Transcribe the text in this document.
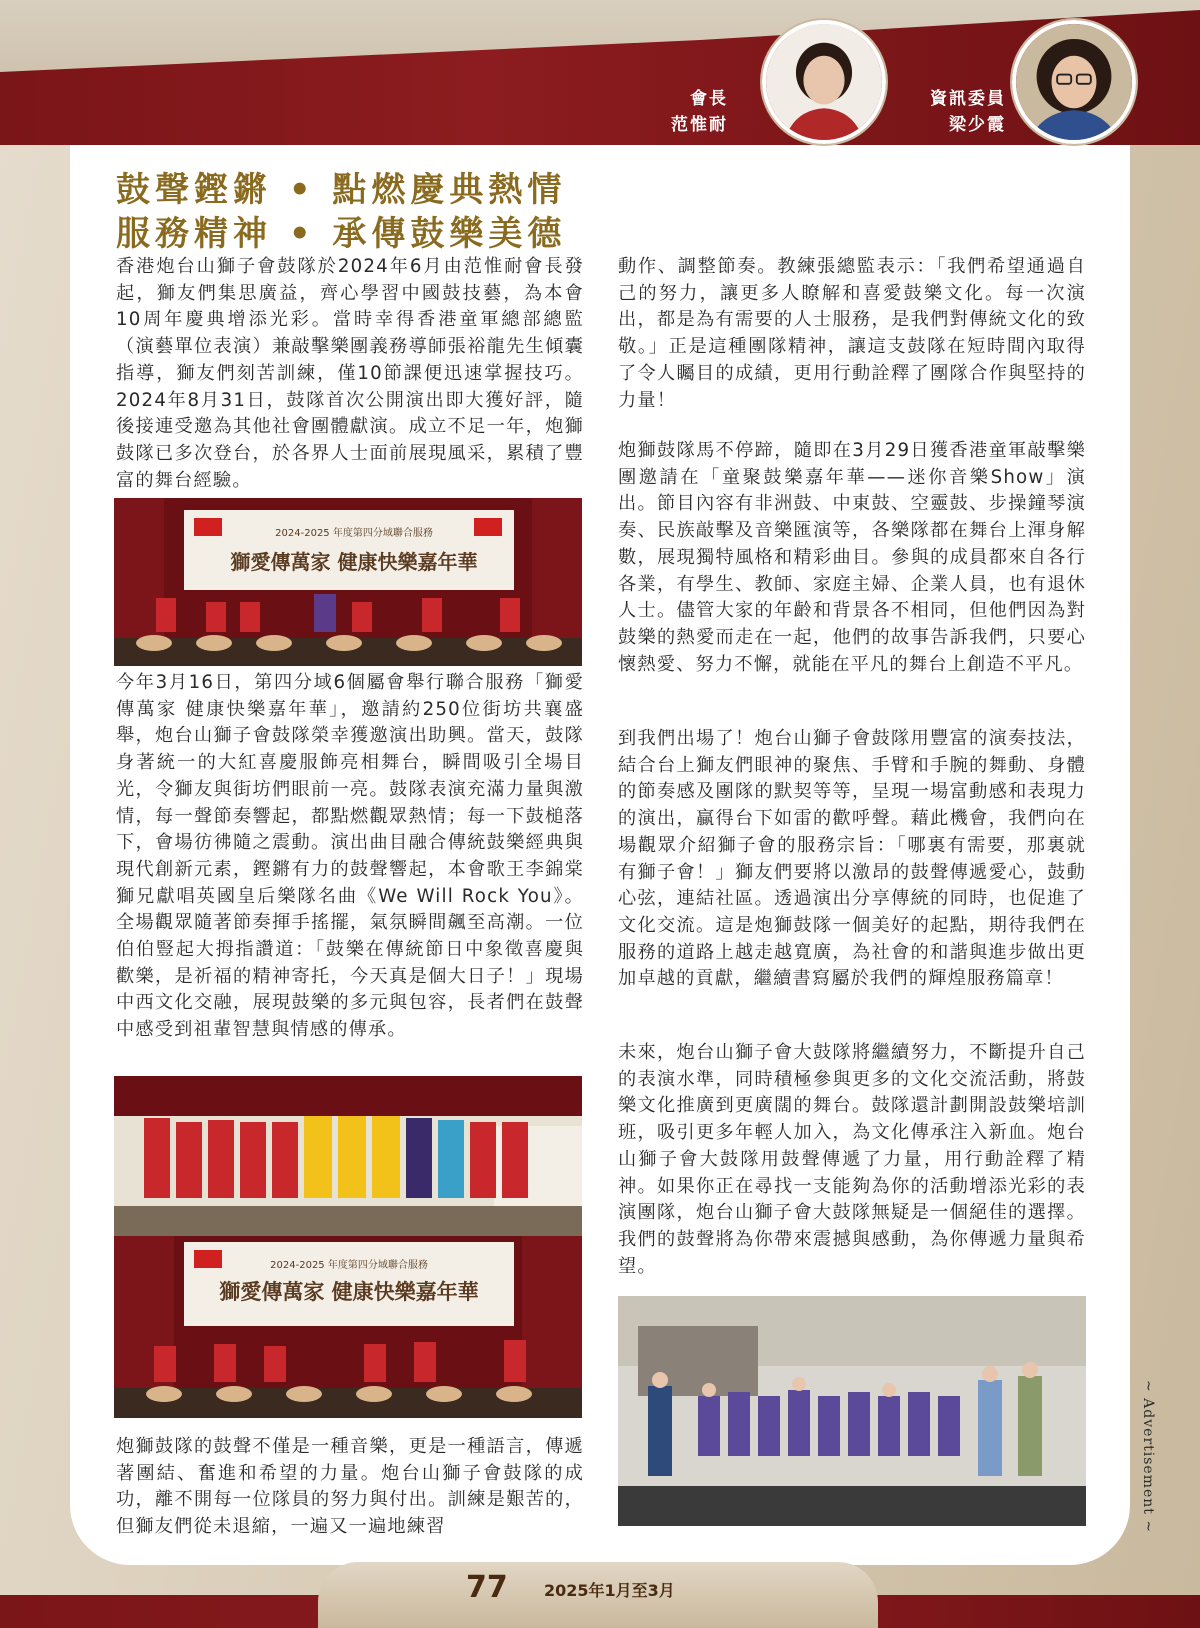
會長
范惟耐
資訊委員
梁少霞
鼓聲鏗鏘 • 點燃慶典熱情
服務精神 • 承傳鼓樂美德
香港炮台山獅子會鼓隊於2024年6月由范惟耐會長發起，獅友們集思廣益，齊心學習中國鼓技藝，為本會10周年慶典增添光彩。當時幸得香港童軍總部總監（演藝單位表演）兼敲擊樂團義務導師張裕龍先生傾囊指導，獅友們刻苦訓練，僅10節課便迅速掌握技巧。2024年8月31日，鼓隊首次公開演出即大獲好評，隨後接連受邀為其他社會團體獻演。成立不足一年，炮獅鼓隊已多次登台，於各界人士面前展現風采，累積了豐富的舞台經驗。
獅愛傳萬家 健康快樂嘉年華
2024-2025 年度第四分域聯合服務
今年3月16日，第四分域6個屬會舉行聯合服務「獅愛傳萬家 健康快樂嘉年華」，邀請約250位街坊共襄盛舉，炮台山獅子會鼓隊榮幸獲邀演出助興。當天，鼓隊身著統一的大紅喜慶服飾亮相舞台，瞬間吸引全場目光，令獅友與街坊們眼前一亮。鼓隊表演充滿力量與激情，每一聲節奏響起，都點燃觀眾熱情；每一下鼓槌落下，會場彷彿隨之震動。演出曲目融合傳統鼓樂經典與現代創新元素，鏗鏘有力的鼓聲響起，本會歌王李錦棠獅兄獻唱英國皇后樂隊名曲《We Will Rock You》。全場觀眾隨著節奏揮手搖擺，氣氛瞬間飆至高潮。一位伯伯豎起大拇指讚道：「鼓樂在傳統節日中象徵喜慶與歡樂，是祈福的精神寄托，今天真是個大日子！」現場中西文化交融，展現鼓樂的多元與包容，長者們在鼓聲中感受到祖輩智慧與情感的傳承。
獅愛傳萬家 健康快樂嘉年華
2024-2025 年度第四分域聯合服務
炮獅鼓隊的鼓聲不僅是一種音樂，更是一種語言，傳遞著團結、奮進和希望的力量。炮台山獅子會鼓隊的成功，離不開每一位隊員的努力與付出。訓練是艱苦的，但獅友們從未退縮，一遍又一遍地練習
動作、調整節奏。教練張總監表示：「我們希望通過自己的努力，讓更多人瞭解和喜愛鼓樂文化。每一次演出，都是為有需要的人士服務，是我們對傳統文化的致敬。」正是這種團隊精神，讓這支鼓隊在短時間內取得了令人矚目的成績，更用行動詮釋了團隊合作與堅持的力量！
炮獅鼓隊馬不停蹄，隨即在3月29日獲香港童軍敲擊樂團邀請在「童聚鼓樂嘉年華——迷你音樂Show」演出。節目內容有非洲鼓、中東鼓、空靈鼓、步操鐘琴演奏、民族敲擊及音樂匯演等，各樂隊都在舞台上渾身解數，展現獨特風格和精彩曲目。參與的成員都來自各行各業，有學生、教師、家庭主婦、企業人員，也有退休人士。儘管大家的年齡和背景各不相同，但他們因為對鼓樂的熱愛而走在一起，他們的故事告訴我們，只要心懷熱愛、努力不懈，就能在平凡的舞台上創造不平凡。
到我們出場了！炮台山獅子會鼓隊用豐富的演奏技法，結合台上獅友們眼神的聚焦、手臂和手腕的舞動、身體的節奏感及團隊的默契等等，呈現一場富動感和表現力的演出，贏得台下如雷的歡呼聲。藉此機會，我們向在場觀眾介紹獅子會的服務宗旨：「哪裏有需要，那裏就有獅子會！」獅友們要將以激昂的鼓聲傳遞愛心，鼓動心弦，連結社區。透過演出分享傳統的同時，也促進了文化交流。這是炮獅鼓隊一個美好的起點，期待我們在服務的道路上越走越寬廣，為社會的和諧與進步做出更加卓越的貢獻，繼續書寫屬於我們的輝煌服務篇章！
未來，炮台山獅子會大鼓隊將繼續努力，不斷提升自己的表演水準，同時積極參與更多的文化交流活動，將鼓樂文化推廣到更廣闊的舞台。鼓隊還計劃開設鼓樂培訓班，吸引更多年輕人加入，為文化傳承注入新血。炮台山獅子會大鼓隊用鼓聲傳遞了力量，用行動詮釋了精神。如果你正在尋找一支能夠為你的活動增添光彩的表演團隊，炮台山獅子會大鼓隊無疑是一個絕佳的選擇。我們的鼓聲將為你帶來震撼與感動，為你傳遞力量與希望。
~ Advertisement ~
77	2025年1月至3月
